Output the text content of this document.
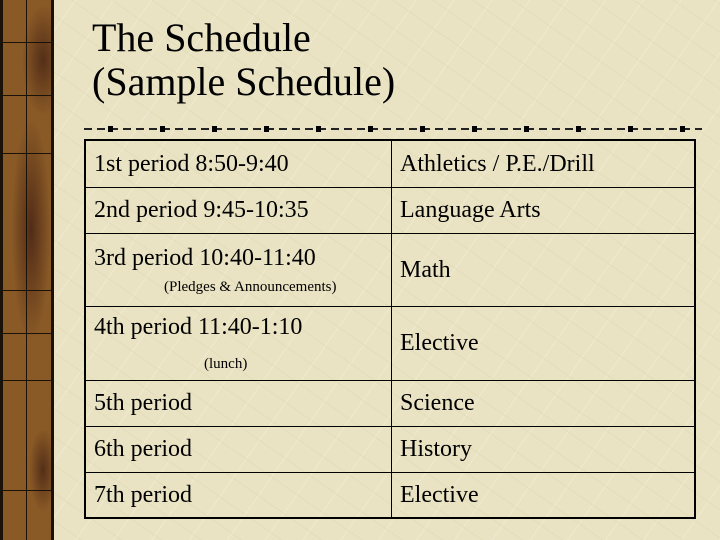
The Schedule
(Sample Schedule)
1st period 8:50-9:40	Athletics / P.E./Drill
2nd period 9:45-10:35	Language Arts
3rd period 10:40-11:40
(Pledges & Announcements)	Math
4th period 11:40-1:10
(lunch)	Elective
5th period	Science
6th period	History
7th period	Elective
